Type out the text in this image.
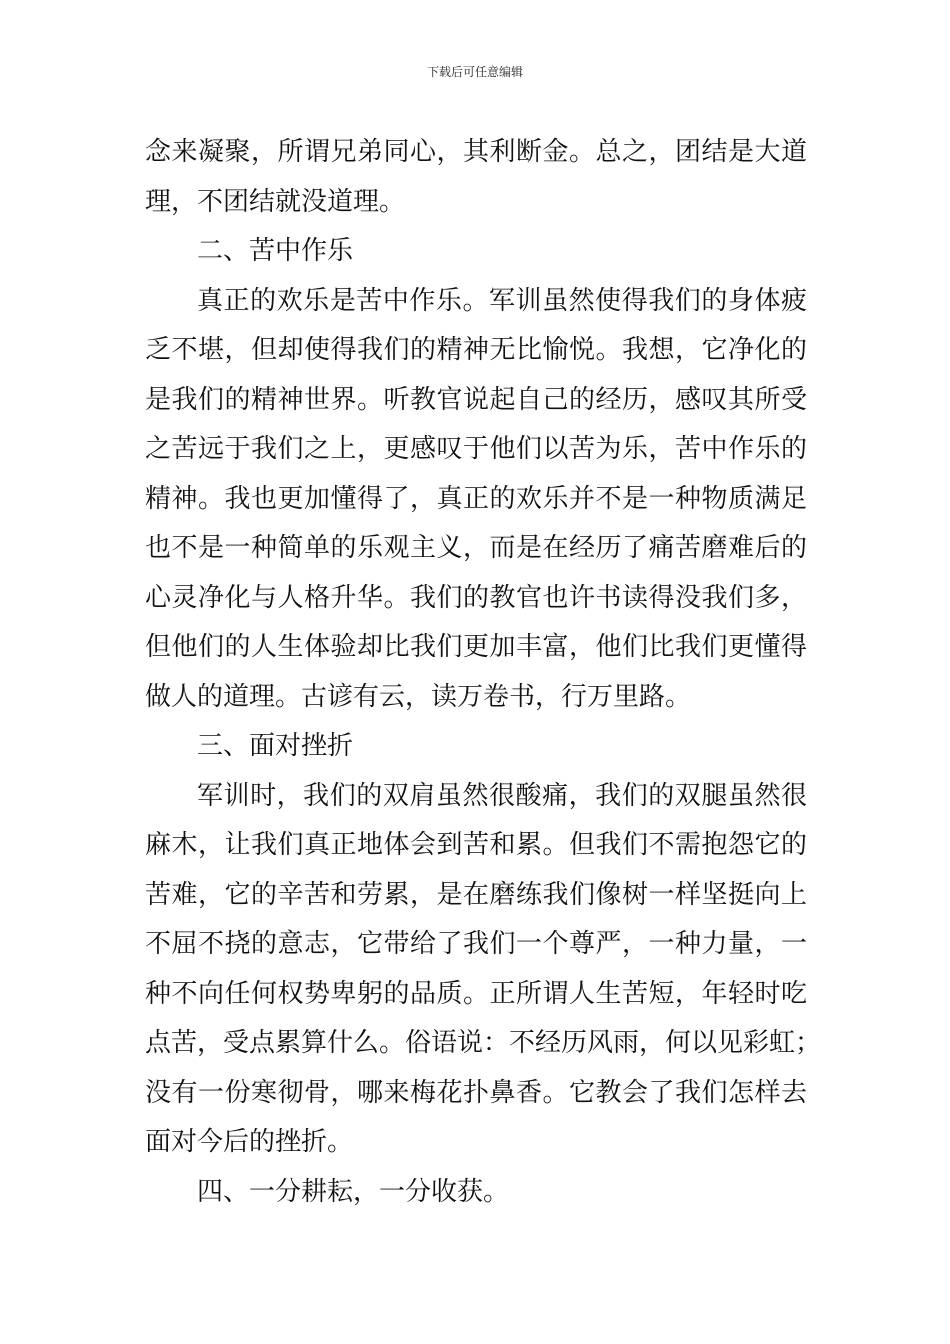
下载后可任意编辑
念来凝聚，所谓兄弟同心，其利断金。总之，团结是大道
理，不团结就没道理。
二、苦中作乐
真正的欢乐是苦中作乐。军训虽然使得我们的身体疲
乏不堪，但却使得我们的精神无比愉悦。我想，它净化的
是我们的精神世界。听教官说起自己的经历，感叹其所受
之苦远于我们之上，更感叹于他们以苦为乐，苦中作乐的
精神。我也更加懂得了，真正的欢乐并不是一种物质满足
也不是一种简单的乐观主义，而是在经历了痛苦磨难后的
心灵净化与人格升华。我们的教官也许书读得没我们多，
但他们的人生体验却比我们更加丰富，他们比我们更懂得
做人的道理。古谚有云，读万卷书，行万里路。
三、面对挫折
军训时，我们的双肩虽然很酸痛，我们的双腿虽然很
麻木，让我们真正地体会到苦和累。但我们不需抱怨它的
苦难，它的辛苦和劳累，是在磨练我们像树一样坚挺向上
不屈不挠的意志，它带给了我们一个尊严，一种力量，一
种不向任何权势卑躬的品质。正所谓人生苦短，年轻时吃
点苦，受点累算什么。俗语说：不经历风雨，何以见彩虹；
没有一份寒彻骨，哪来梅花扑鼻香。它教会了我们怎样去
面对今后的挫折。
四、一分耕耘，一分收获。
